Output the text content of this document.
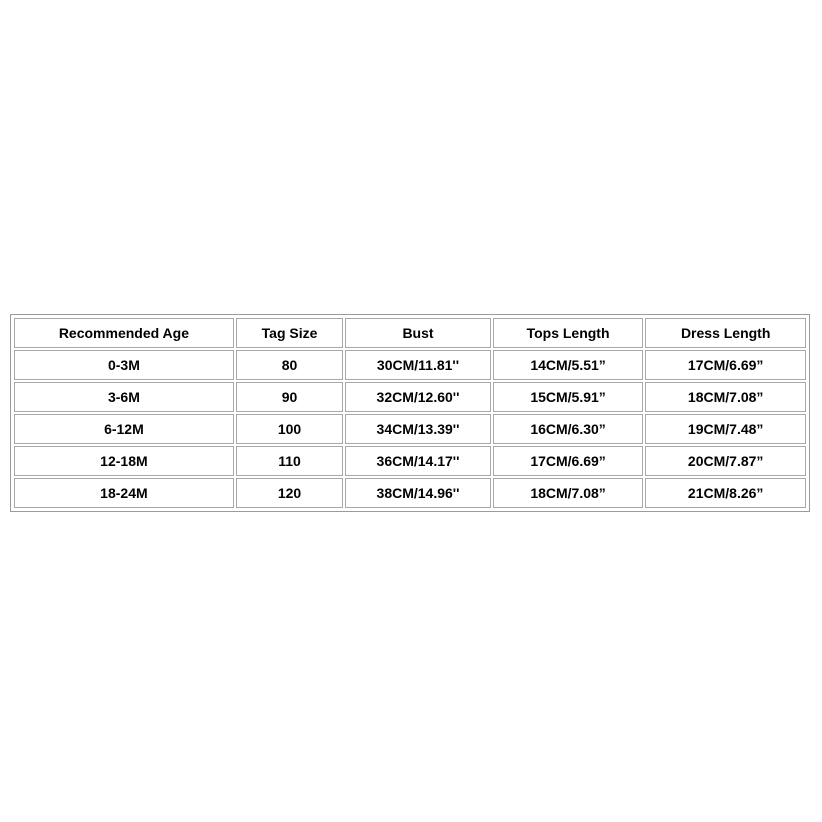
Recommended Age	Tag Size	Bust	Tops Length	Dress Length
0-3M	80	30CM/11.81''	14CM/5.51”	17CM/6.69”
3-6M	90	32CM/12.60''	15CM/5.91”	18CM/7.08”
6-12M	100	34CM/13.39''	16CM/6.30”	19CM/7.48”
12-18M	110	36CM/14.17''	17CM/6.69”	20CM/7.87”
18-24M	120	38CM/14.96''	18CM/7.08”	21CM/8.26”
